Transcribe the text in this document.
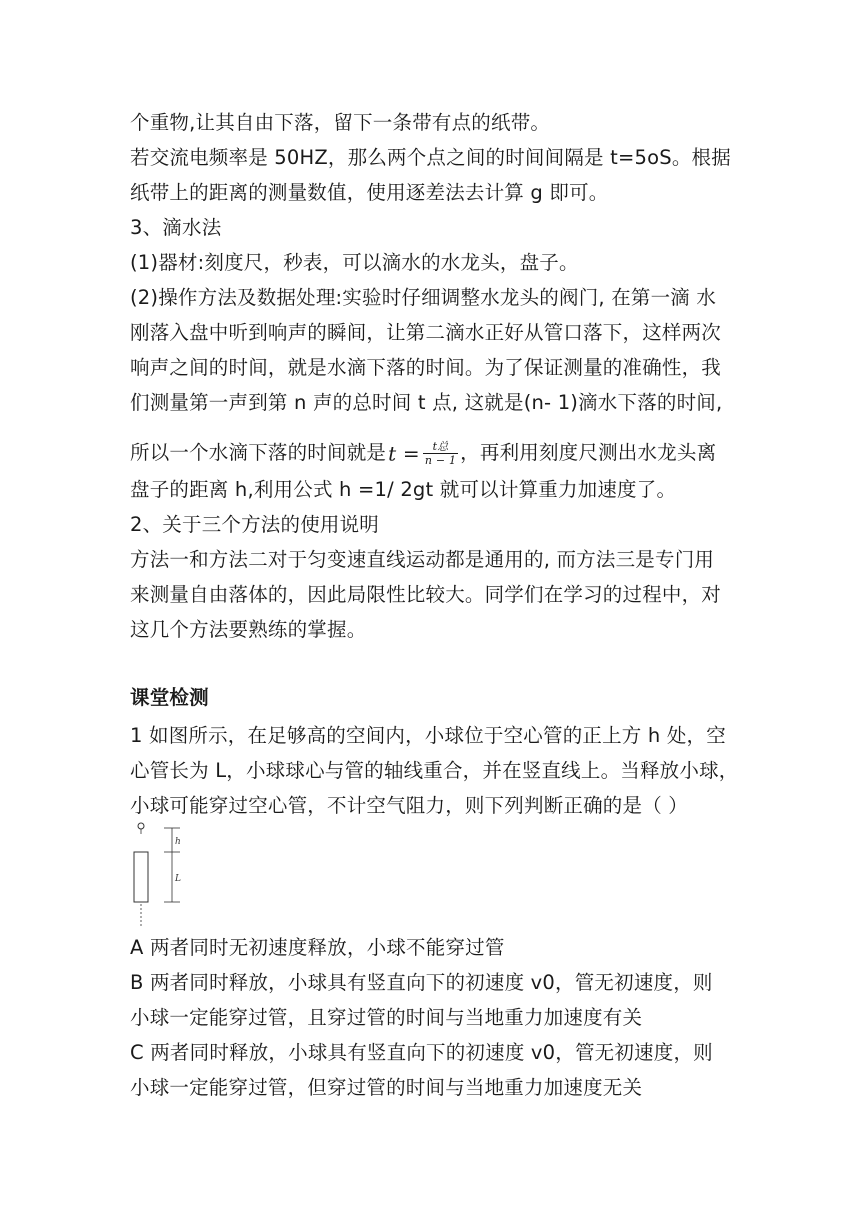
个重物,让其自由下落，留下一条带有点的纸带。
若交流电频率是 50HZ，那么两个点之间的时间间隔是 t=5oS。根据
纸带上的距离的测量数值，使用逐差法去计算 g 即可。
3、滴水法
(1)器材:刻度尺，秒表，可以滴水的水龙头，盘子。
(2)操作方法及数据处理:实验时仔细调整水龙头的阀门, 在第一滴 水
刚落入盘中听到响声的瞬间，让第二滴水正好从管口落下，这样两次
响声之间的时间，就是水滴下落的时间。为了保证测量的准确性，我
们测量第一声到第 n 声的总时间 t 点, 这就是(n- 1)滴水下落的时间,
所以一个水滴下落的时间就是 $t = \frac{\text{t总}}{n - 1}$ ，再利用刻度尺测出水龙头离
盘子的距离 h,利用公式 h =1/ 2gt 就可以计算重力加速度了。
2、关于三个方法的使用说明
方法一和方法二对于匀变速直线运动都是通用的, 而方法三是专门用
来测量自由落体的，因此局限性比较大。同学们在学习的过程中，对
这几个方法要熟练的掌握。
课堂检测
1 如图所示，在足够高的空间内，小球位于空心管的正上方 h 处，空
心管长为 L，小球球心与管的轴线重合，并在竖直线上。当释放小球，
小球可能穿过空心管，不计空气阻力，则下列判断正确的是（ ）
h
L
A 两者同时无初速度释放，小球不能穿过管
B 两者同时释放，小球具有竖直向下的初速度 v0，管无初速度，则
小球一定能穿过管，且穿过管的时间与当地重力加速度有关
C 两者同时释放，小球具有竖直向下的初速度 v0，管无初速度，则
小球一定能穿过管，但穿过管的时间与当地重力加速度无关
